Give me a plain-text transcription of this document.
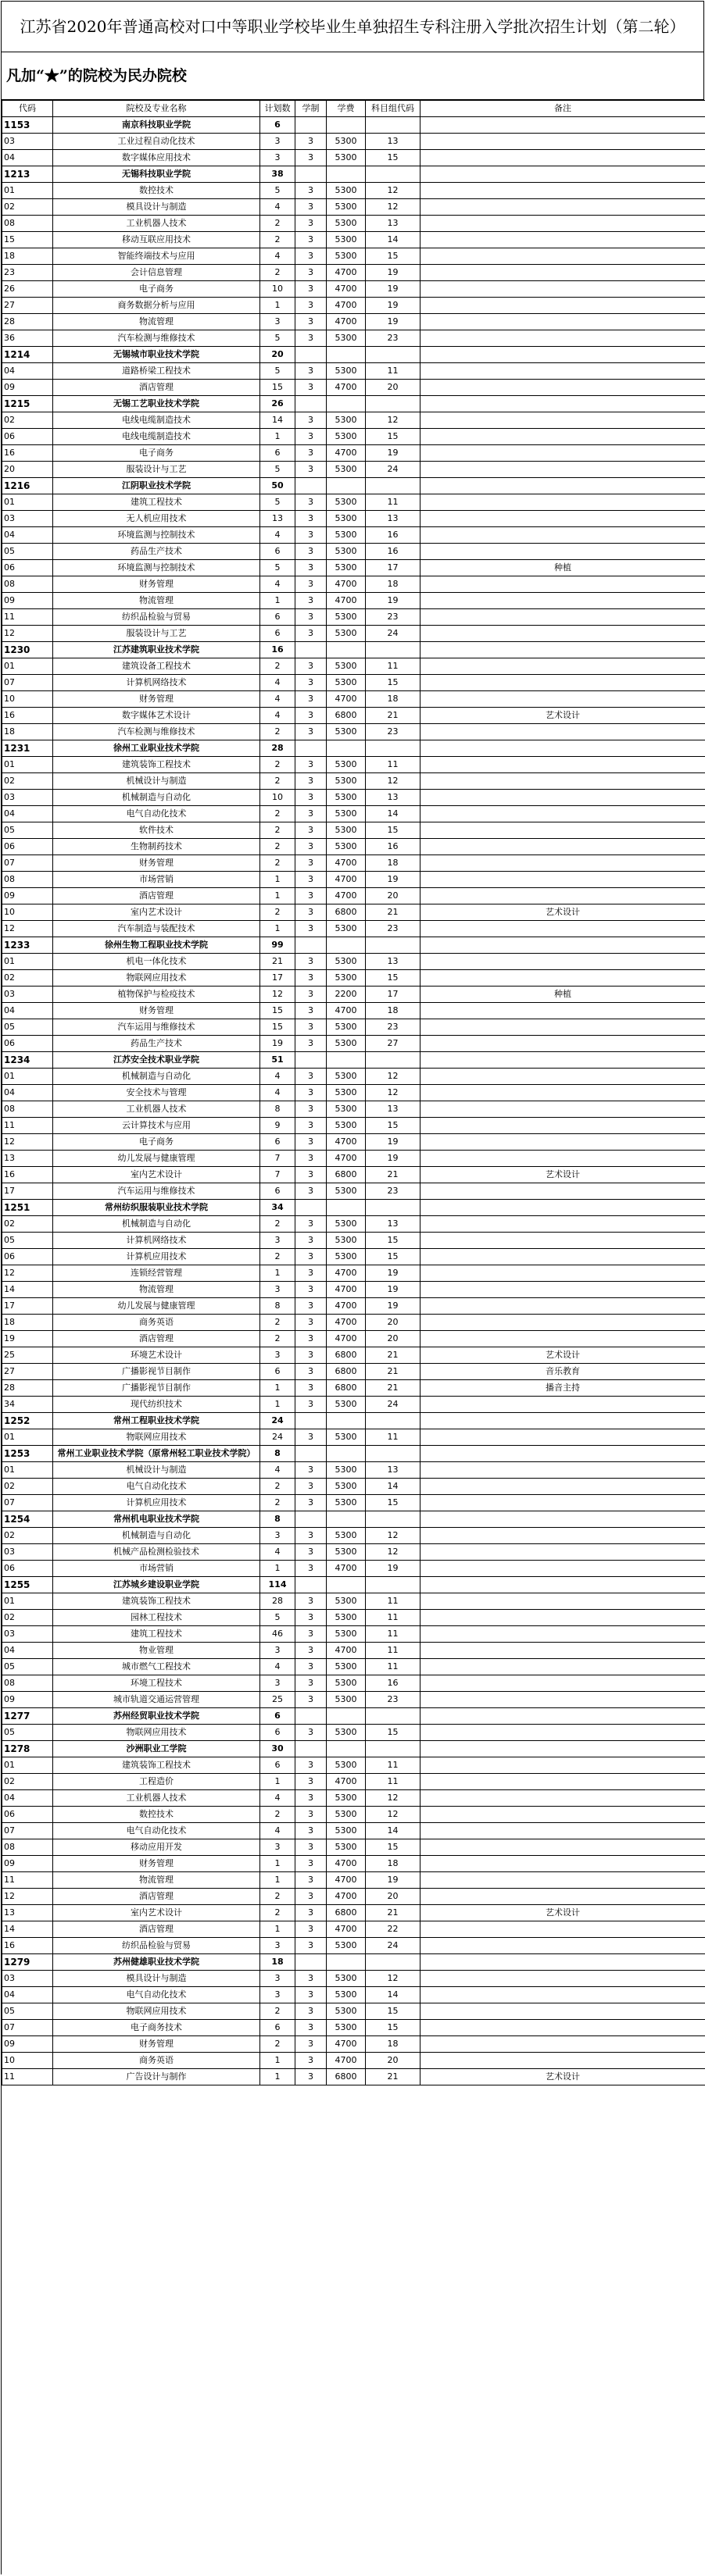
江苏省2020年普通高校对口中等职业学校毕业生单独招生专科注册入学批次招生计划（第二轮）
凡加“★”的院校为民办院校
代码	院校及专业名称	计划数	学制	学费	科目组代码	备注
1153	南京科技职业学院	6				
03	工业过程自动化技术	3	3	5300	13	
04	数字媒体应用技术	3	3	5300	15	
1213	无锡科技职业学院	38				
01	数控技术	5	3	5300	12	
02	模具设计与制造	4	3	5300	12	
08	工业机器人技术	2	3	5300	13	
15	移动互联应用技术	2	3	5300	14	
18	智能终端技术与应用	4	3	5300	15	
23	会计信息管理	2	3	4700	19	
26	电子商务	10	3	4700	19	
27	商务数据分析与应用	1	3	4700	19	
28	物流管理	3	3	4700	19	
36	汽车检测与维修技术	5	3	5300	23	
1214	无锡城市职业技术学院	20				
04	道路桥梁工程技术	5	3	5300	11	
09	酒店管理	15	3	4700	20	
1215	无锡工艺职业技术学院	26				
02	电线电缆制造技术	14	3	5300	12	
06	电线电缆制造技术	1	3	5300	15	
16	电子商务	6	3	4700	19	
20	服装设计与工艺	5	3	5300	24	
1216	江阴职业技术学院	50				
01	建筑工程技术	5	3	5300	11	
03	无人机应用技术	13	3	5300	13	
04	环境监测与控制技术	4	3	5300	16	
05	药品生产技术	6	3	5300	16	
06	环境监测与控制技术	5	3	5300	17	种植
08	财务管理	4	3	4700	18	
09	物流管理	1	3	4700	19	
11	纺织品检验与贸易	6	3	5300	23	
12	服装设计与工艺	6	3	5300	24	
1230	江苏建筑职业技术学院	16				
01	建筑设备工程技术	2	3	5300	11	
07	计算机网络技术	4	3	5300	15	
10	财务管理	4	3	4700	18	
16	数字媒体艺术设计	4	3	6800	21	艺术设计
18	汽车检测与维修技术	2	3	5300	23	
1231	徐州工业职业技术学院	28				
01	建筑装饰工程技术	2	3	5300	11	
02	机械设计与制造	2	3	5300	12	
03	机械制造与自动化	10	3	5300	13	
04	电气自动化技术	2	3	5300	14	
05	软件技术	2	3	5300	15	
06	生物制药技术	2	3	5300	16	
07	财务管理	2	3	4700	18	
08	市场营销	1	3	4700	19	
09	酒店管理	1	3	4700	20	
10	室内艺术设计	2	3	6800	21	艺术设计
12	汽车制造与装配技术	1	3	5300	23	
1233	徐州生物工程职业技术学院	99				
01	机电一体化技术	21	3	5300	13	
02	物联网应用技术	17	3	5300	15	
03	植物保护与检疫技术	12	3	2200	17	种植
04	财务管理	15	3	4700	18	
05	汽车运用与维修技术	15	3	5300	23	
06	药品生产技术	19	3	5300	27	
1234	江苏安全技术职业学院	51				
01	机械制造与自动化	4	3	5300	12	
04	安全技术与管理	4	3	5300	12	
08	工业机器人技术	8	3	5300	13	
11	云计算技术与应用	9	3	5300	15	
12	电子商务	6	3	4700	19	
13	幼儿发展与健康管理	7	3	4700	19	
16	室内艺术设计	7	3	6800	21	艺术设计
17	汽车运用与维修技术	6	3	5300	23	
1251	常州纺织服装职业技术学院	34				
02	机械制造与自动化	2	3	5300	13	
05	计算机网络技术	3	3	5300	15	
06	计算机应用技术	2	3	5300	15	
12	连锁经营管理	1	3	4700	19	
14	物流管理	3	3	4700	19	
17	幼儿发展与健康管理	8	3	4700	19	
18	商务英语	2	3	4700	20	
19	酒店管理	2	3	4700	20	
25	环境艺术设计	3	3	6800	21	艺术设计
27	广播影视节目制作	6	3	6800	21	音乐教育
28	广播影视节目制作	1	3	6800	21	播音主持
34	现代纺织技术	1	3	5300	24	
1252	常州工程职业技术学院	24				
01	物联网应用技术	24	3	5300	11	
1253	常州工业职业技术学院（原常州轻工职业技术学院）	8				
01	机械设计与制造	4	3	5300	13	
02	电气自动化技术	2	3	5300	14	
07	计算机应用技术	2	3	5300	15	
1254	常州机电职业技术学院	8				
02	机械制造与自动化	3	3	5300	12	
03	机械产品检测检验技术	4	3	5300	12	
06	市场营销	1	3	4700	19	
1255	江苏城乡建设职业学院	114				
01	建筑装饰工程技术	28	3	5300	11	
02	园林工程技术	5	3	5300	11	
03	建筑工程技术	46	3	5300	11	
04	物业管理	3	3	4700	11	
05	城市燃气工程技术	4	3	5300	11	
08	环境工程技术	3	3	5300	16	
09	城市轨道交通运营管理	25	3	5300	23	
1277	苏州经贸职业技术学院	6				
05	物联网应用技术	6	3	5300	15	
1278	沙洲职业工学院	30				
01	建筑装饰工程技术	6	3	5300	11	
02	工程造价	1	3	4700	11	
04	工业机器人技术	4	3	5300	12	
06	数控技术	2	3	5300	12	
07	电气自动化技术	4	3	5300	14	
08	移动应用开发	3	3	5300	15	
09	财务管理	1	3	4700	18	
11	物流管理	1	3	4700	19	
12	酒店管理	2	3	4700	20	
13	室内艺术设计	2	3	6800	21	艺术设计
14	酒店管理	1	3	4700	22	
16	纺织品检验与贸易	3	3	5300	24	
1279	苏州健雄职业技术学院	18				
03	模具设计与制造	3	3	5300	12	
04	电气自动化技术	3	3	5300	14	
05	物联网应用技术	2	3	5300	15	
07	电子商务技术	6	3	5300	15	
09	财务管理	2	3	4700	18	
10	商务英语	1	3	4700	20	
11	广告设计与制作	1	3	6800	21	艺术设计
